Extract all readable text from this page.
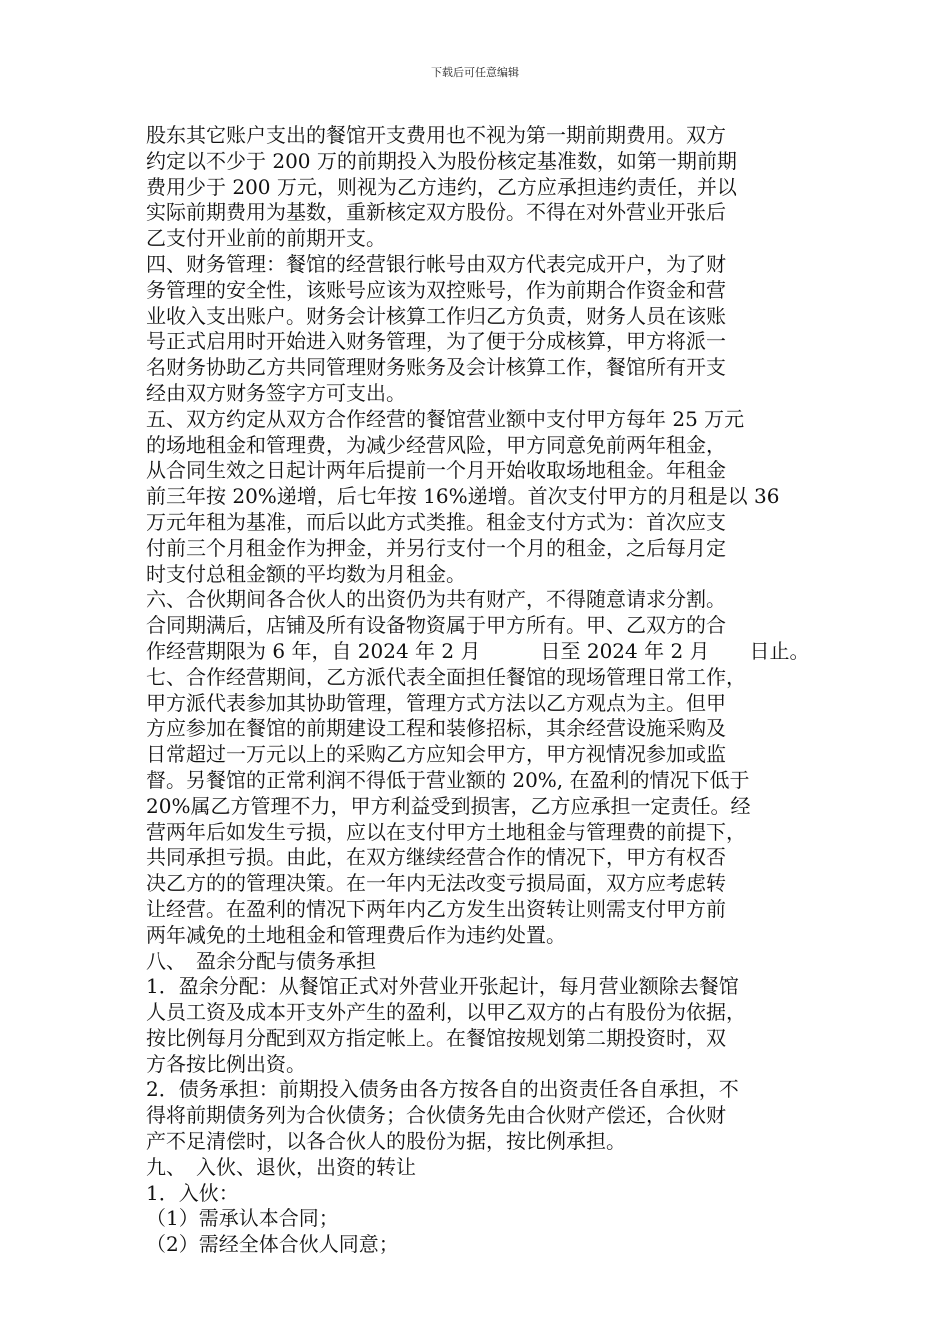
下载后可任意编辑
股东其它账户支出的餐馆开支费用也不视为第一期前期费用。双方
约定以不少于 200 万的前期投入为股份核定基准数，如第一期前期
费用少于 200 万元，则视为乙方违约，乙方应承担违约责任，并以
实际前期费用为基数，重新核定双方股份。不得在对外营业开张后
乙支付开业前的前期开支。
四、财务管理：餐馆的经营银行帐号由双方代表完成开户，为了财
务管理的安全性，该账号应该为双控账号，作为前期合作资金和营
业收入支出账户。财务会计核算工作归乙方负责，财务人员在该账
号正式启用时开始进入财务管理，为了便于分成核算，甲方将派一
名财务协助乙方共同管理财务账务及会计核算工作，餐馆所有开支
经由双方财务签字方可支出。
五、双方约定从双方合作经营的餐馆营业额中支付甲方每年 25 万元
的场地租金和管理费，为减少经营风险，甲方同意免前两年租金，
从合同生效之日起计两年后提前一个月开始收取场地租金。年租金
前三年按 20%递增，后七年按 16%递增。首次支付甲方的月租是以 36
万元年租为基准，而后以此方式类推。租金支付方式为：首次应支
付前三个月租金作为押金，并另行支付一个月的租金，之后每月定
时支付总租金额的平均数为月租金。
六、合伙期间各合伙人的出资仍为共有财产，不得随意请求分割。
合同期满后，店铺及所有设备物资属于甲方所有。甲、乙双方的合
作经营期限为 6 年，自 2024 年 2 月　　　日至 2024 年 2 月　　日止。
七、合作经营期间，乙方派代表全面担任餐馆的现场管理日常工作，
甲方派代表参加其协助管理，管理方式方法以乙方观点为主。但甲
方应参加在餐馆的前期建设工程和装修招标，其余经营设施采购及
日常超过一万元以上的采购乙方应知会甲方，甲方视情况参加或监
督。另餐馆的正常利润不得低于营业额的 20%, 在盈利的情况下低于
20%属乙方管理不力，甲方利益受到损害，乙方应承担一定责任。经
营两年后如发生亏损，应以在支付甲方土地租金与管理费的前提下，
共同承担亏损。由此，在双方继续经营合作的情况下，甲方有权否
决乙方的的管理决策。在一年内无法改变亏损局面，双方应考虑转
让经营。在盈利的情况下两年内乙方发生出资转让则需支付甲方前
两年减免的土地租金和管理费后作为违约处置。
八、　盈余分配与债务承担
1．盈余分配：从餐馆正式对外营业开张起计，每月营业额除去餐馆
人员工资及成本开支外产生的盈利，以甲乙双方的占有股份为依据，
按比例每月分配到双方指定帐上。在餐馆按规划第二期投资时，双
方各按比例出资。
2．债务承担：前期投入债务由各方按各自的出资责任各自承担，不
得将前期债务列为合伙债务；合伙债务先由合伙财产偿还，合伙财
产不足清偿时，以各合伙人的股份为据，按比例承担。
九、　入伙、退伙，出资的转让
1．入伙：
（1）需承认本合同；
（2）需经全体合伙人同意；
